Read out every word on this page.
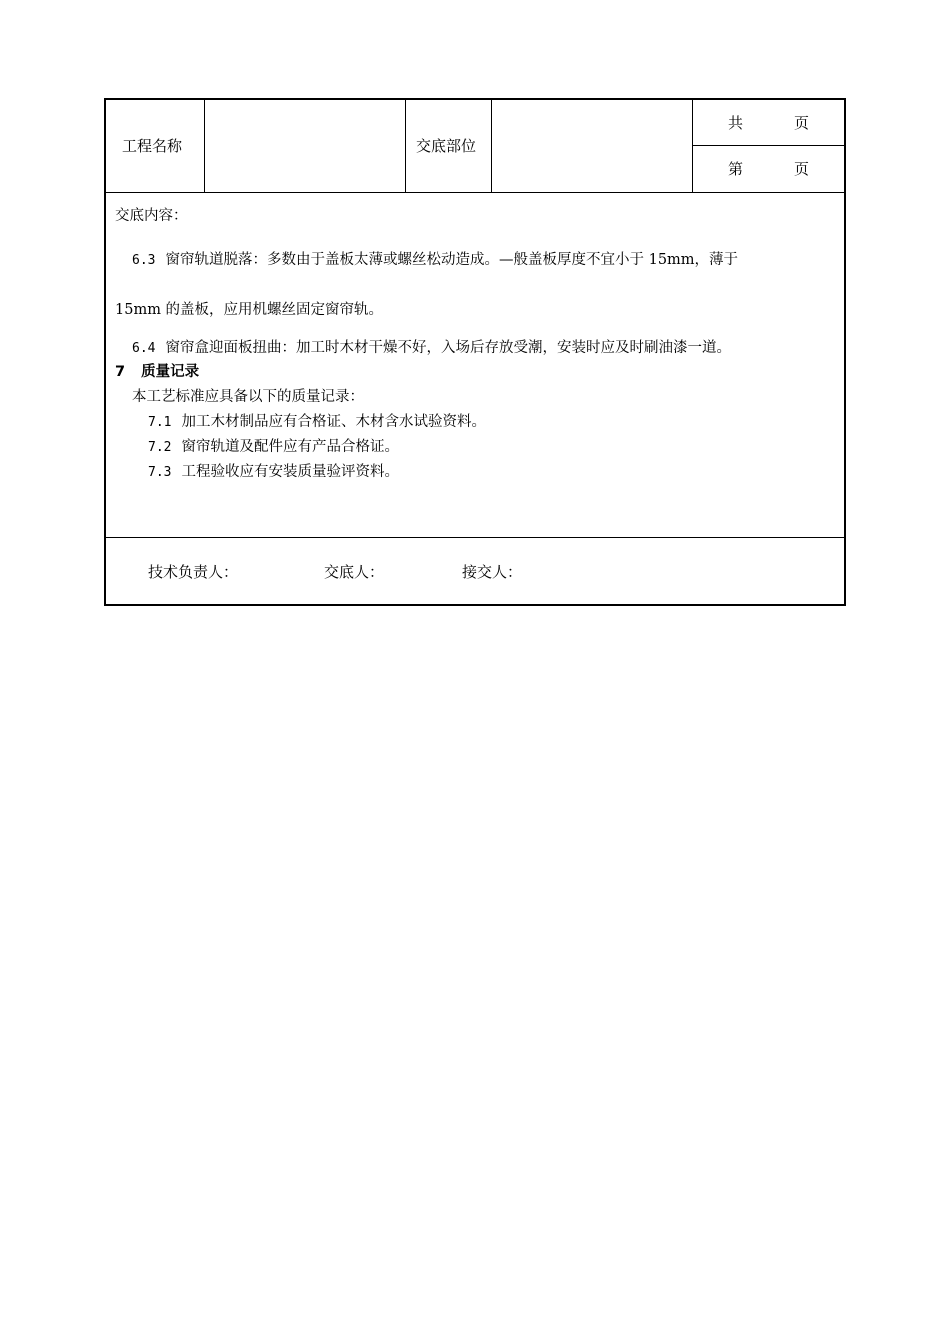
工程名称	交底部位
共	页
第	页
交底内容：
6.3 窗帘轨道脱落：多数由于盖板太薄或螺丝松动造成。—般盖板厚度不宜小于 15mm，薄于
15mm 的盖板，应用机螺丝固定窗帘轨。
6.4 窗帘盒迎面板扭曲：加工时木材干燥不好，入场后存放受潮，安装时应及时刷油漆一道。
7 质量记录
本工艺标准应具备以下的质量记录：
7.1 加工木材制品应有合格证、木材含水试验资料。
7.2 窗帘轨道及配件应有产品合格证。
7.3 工程验收应有安装质量验评资料。
技术负责人：	交底人：	接交人：
